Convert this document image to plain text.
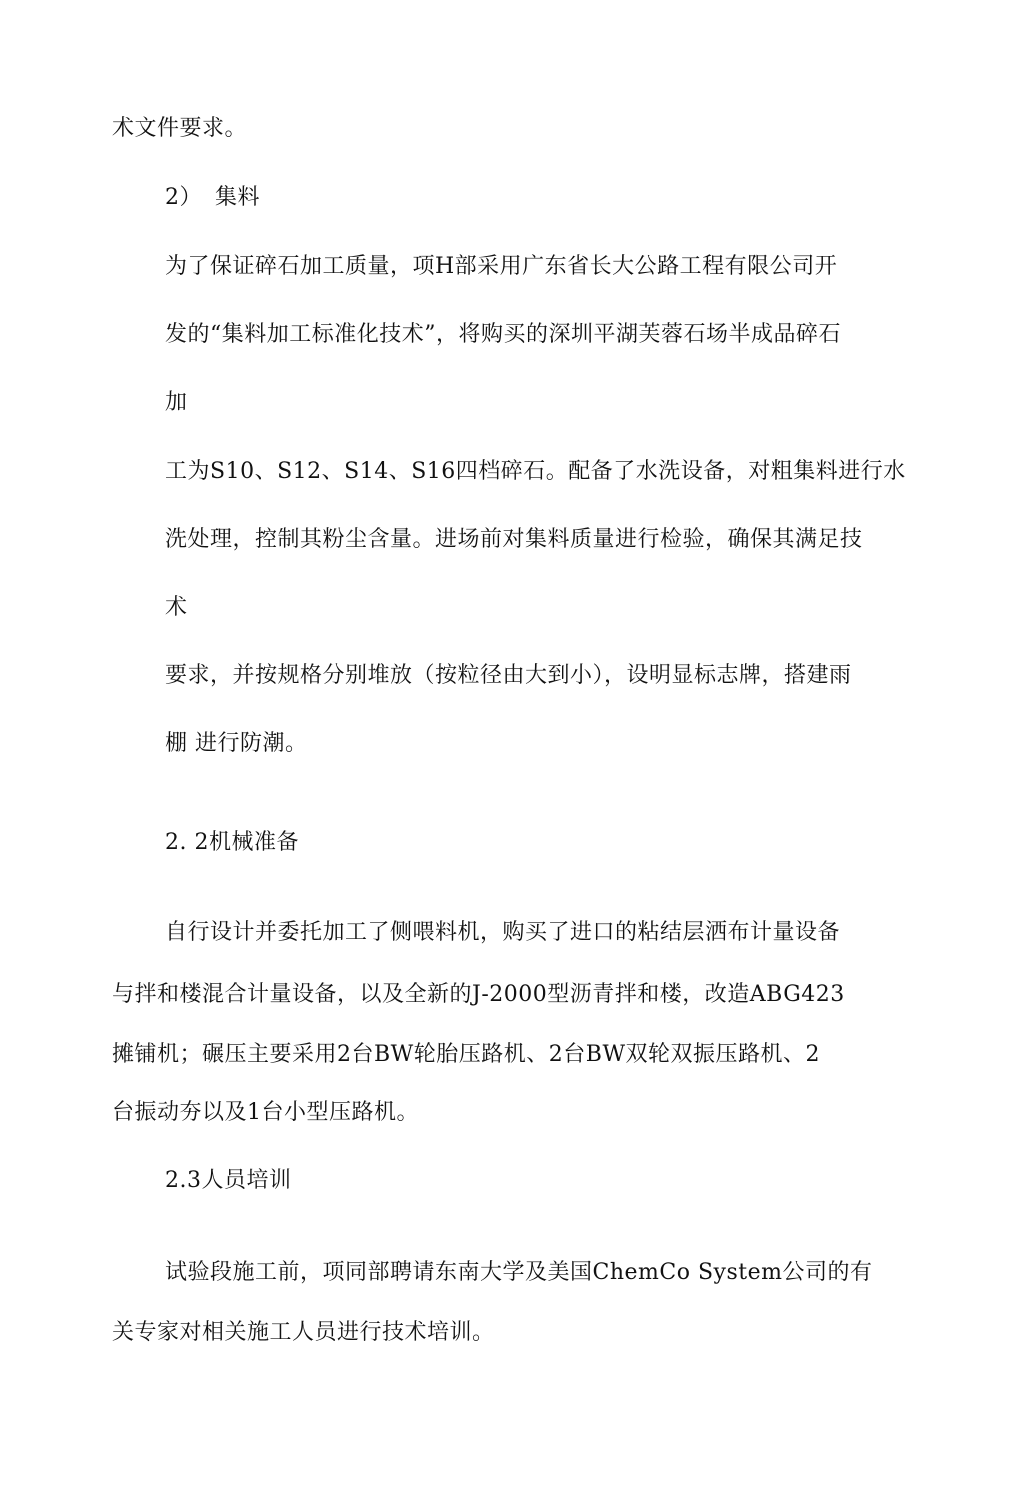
术文件要求。
2） 集料
为了保证碎石加工质量，项H部采用广东省长大公路工程有限公司开
发的“集料加工标准化技术”，将购买的深圳平湖芙蓉石场半成品碎石
加
工为S10、S12、S14、S16四档碎石。配备了水洗设备，对粗集料进行水
洗处理，控制其粉尘含量。进场前对集料质量进行检验，确保其满足技
术
要求，并按规格分别堆放（按粒径由大到小），设明显标志牌，搭建雨
棚 进行防潮。
2. 2机械准备
自行设计并委托加工了侧喂料机，购买了进口的粘结层洒布计量设备
与拌和楼混合计量设备，以及全新的J-2000型沥青拌和楼，改造ABG423
摊铺机；碾压主要采用2台BW轮胎压路机、2台BW双轮双振压路机、2
台振动夯以及1台小型压路机。
2.3人员培训
试验段施工前，项同部聘请东南大学及美国ChemCo System公司的有
关专家对相关施工人员进行技术培训。
